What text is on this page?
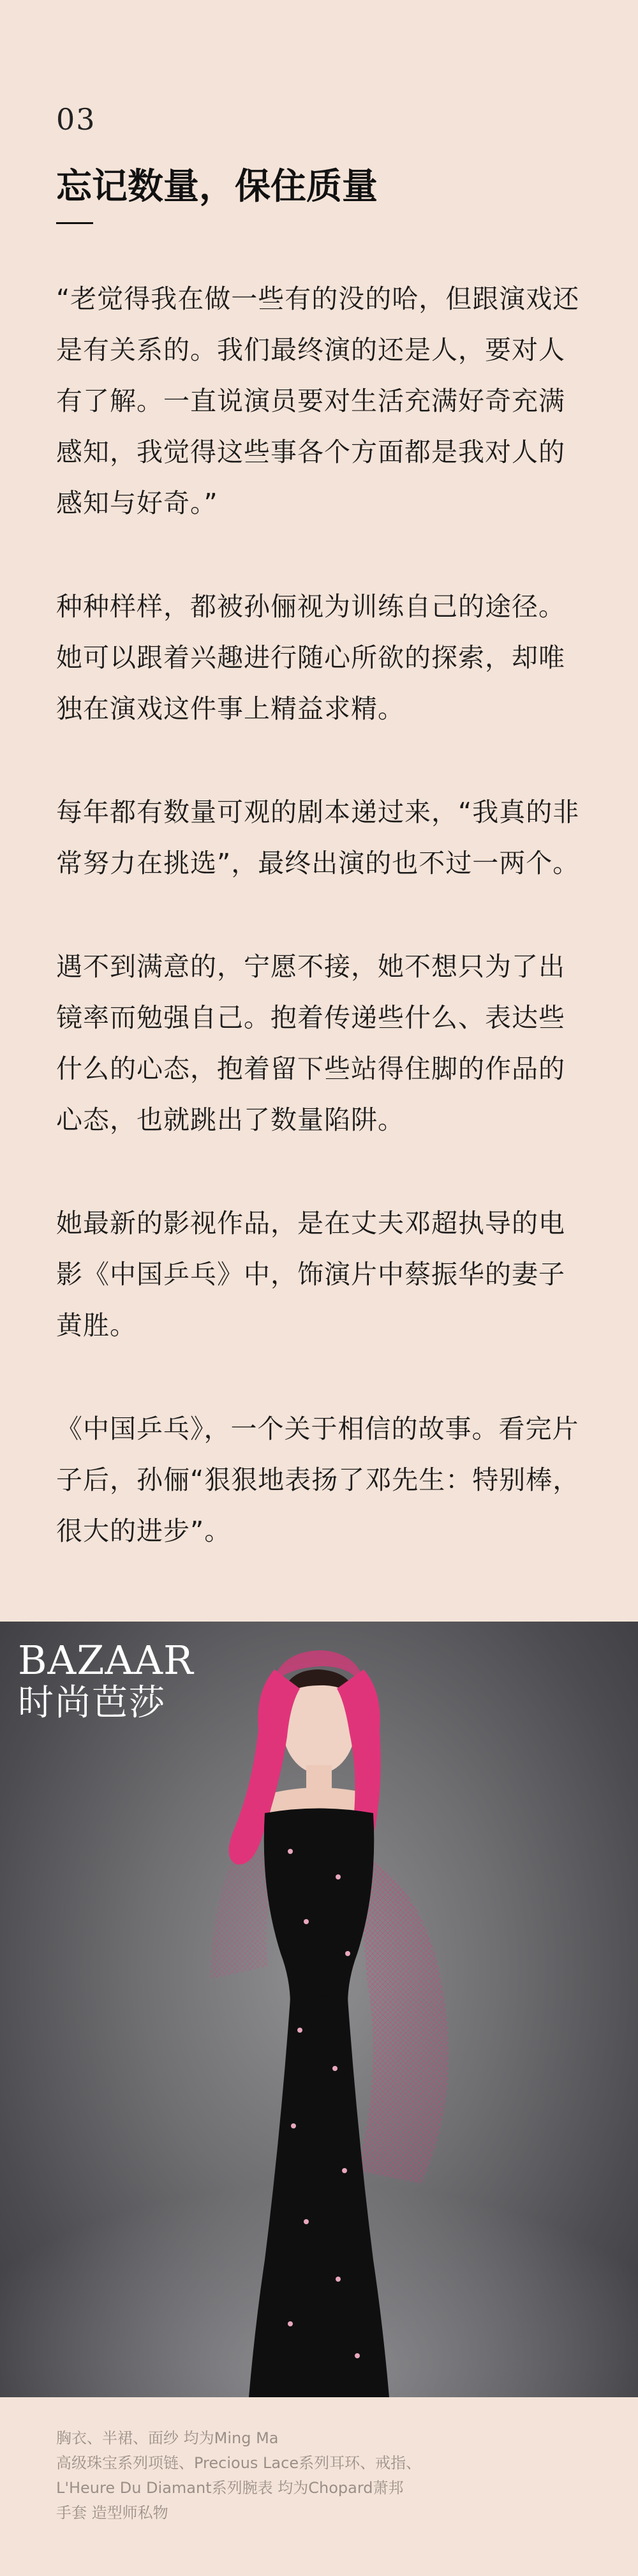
03
忘记数量，保住质量

“老觉得我在做一些有的没的哈，但跟演戏还是有关系的。我们最终演的还是人，要对人有了解。一直说演员要对生活充满好奇充满感知，我觉得这些事各个方面都是我对人的感知与好奇。”

种种样样，都被孙俪视为训练自己的途径。她可以跟着兴趣进行随心所欲的探索，却唯独在演戏这件事上精益求精。

每年都有数量可观的剧本递过来，“我真的非常努力在挑选”，最终出演的也不过一两个。

遇不到满意的，宁愿不接，她不想只为了出镜率而勉强自己。抱着传递些什么、表达些什么的心态，抱着留下些站得住脚的作品的心态，也就跳出了数量陷阱。

她最新的影视作品，是在丈夫邓超执导的电影《中国乒乓》中，饰演片中蔡振华的妻子黄胜。

《中国乒乓》，一个关于相信的故事。看完片子后，孙俪“狠狠地表扬了邓先生：特别棒，很大的进步”。

BAZAAR
时尚芭莎
胸衣、半裙、面纱 均为Ming Ma
高级珠宝系列项链、Precious Lace系列耳环、戒指、
L'Heure Du Diamant系列腕表 均为Chopard萧邦
手套 造型师私物
